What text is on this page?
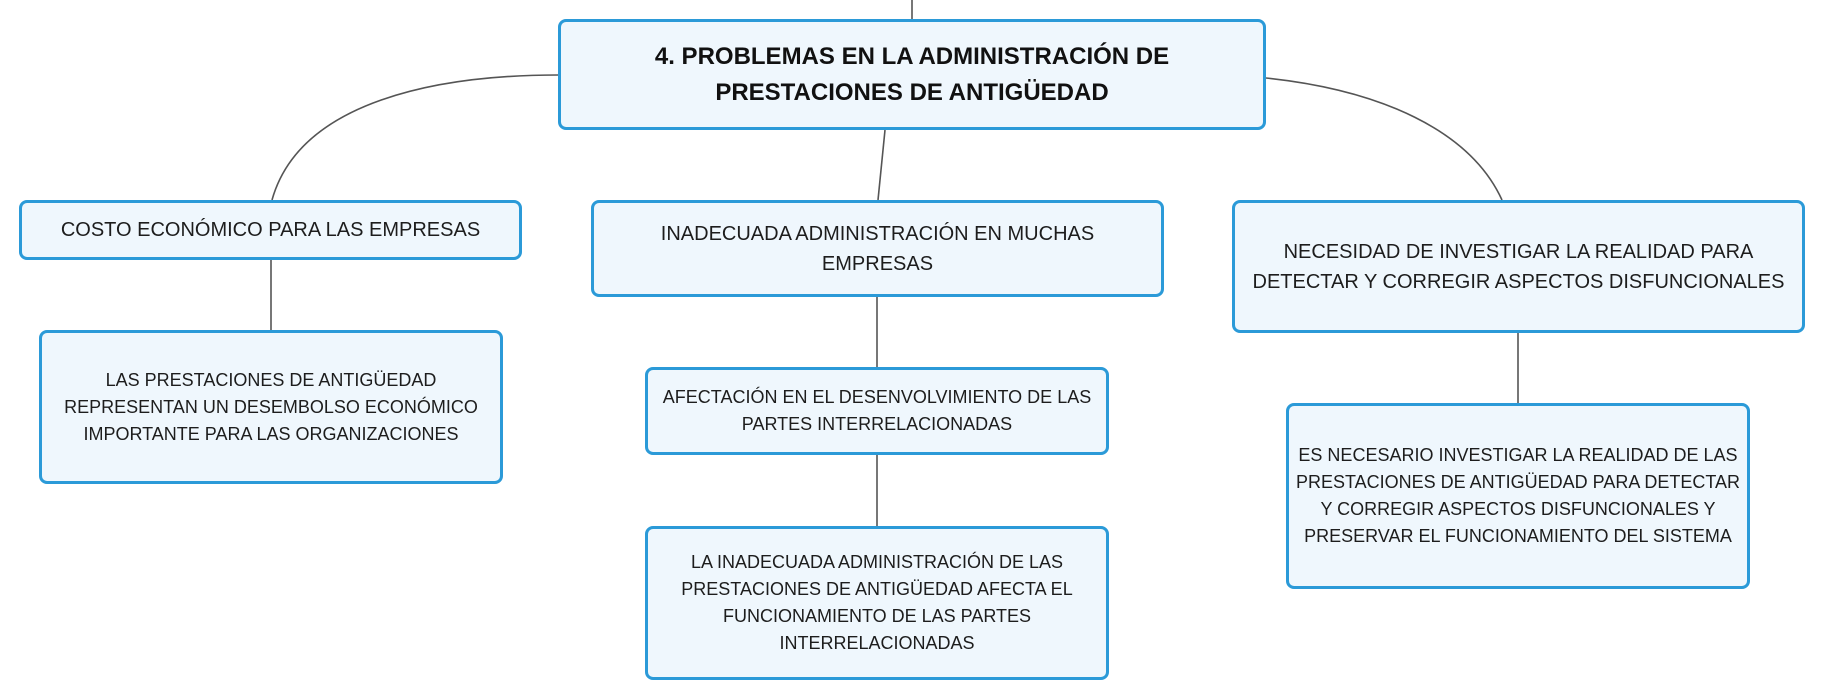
4. PROBLEMAS EN LA ADMINISTRACIÓN DE PRESTACIONES DE ANTIGÜEDAD
COSTO ECONÓMICO PARA LAS EMPRESAS
LAS PRESTACIONES DE ANTIGÜEDAD REPRESENTAN UN DESEMBOLSO ECONÓMICO IMPORTANTE PARA LAS ORGANIZACIONES
INADECUADA ADMINISTRACIÓN EN MUCHAS EMPRESAS
AFECTACIÓN EN EL DESENVOLVIMIENTO DE LAS PARTES INTERRELACIONADAS
LA INADECUADA ADMINISTRACIÓN DE LAS PRESTACIONES DE ANTIGÜEDAD AFECTA EL FUNCIONAMIENTO DE LAS PARTES INTERRELACIONADAS
NECESIDAD DE INVESTIGAR LA REALIDAD PARA DETECTAR Y CORREGIR ASPECTOS DISFUNCIONALES
ES NECESARIO INVESTIGAR LA REALIDAD DE LAS PRESTACIONES DE ANTIGÜEDAD PARA DETECTAR Y CORREGIR ASPECTOS DISFUNCIONALES Y PRESERVAR EL FUNCIONAMIENTO DEL SISTEMA
